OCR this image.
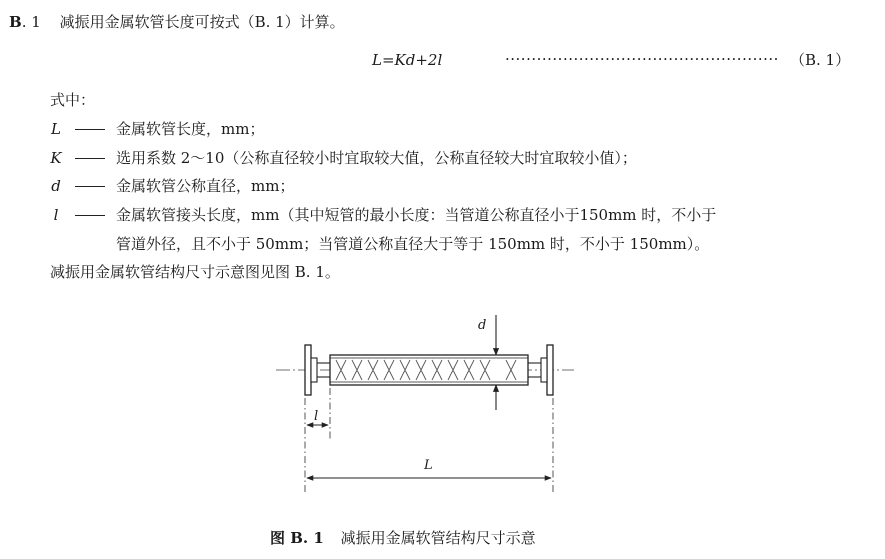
B. 1 减振用金属软管长度可按式（B. 1）计算。
L=Kd+2l	···················································· （B. 1）
式中：
L	金属软管长度，mm；
K	选用系数 2～10（公称直径较小时宜取较大值，公称直径较大时宜取较小值）；
d	金属软管公称直径，mm；
l	金属软管接头长度，mm（其中短管的最小长度：当管道公称直径小于150mm 时，不小于
管道外径，且不小于 50mm；当管道公称直径大于等于 150mm 时，不小于 150mm）。
减振用金属软管结构尺寸示意图见图 B. 1。
d
l
L
图 B. 1 减振用金属软管结构尺寸示意
